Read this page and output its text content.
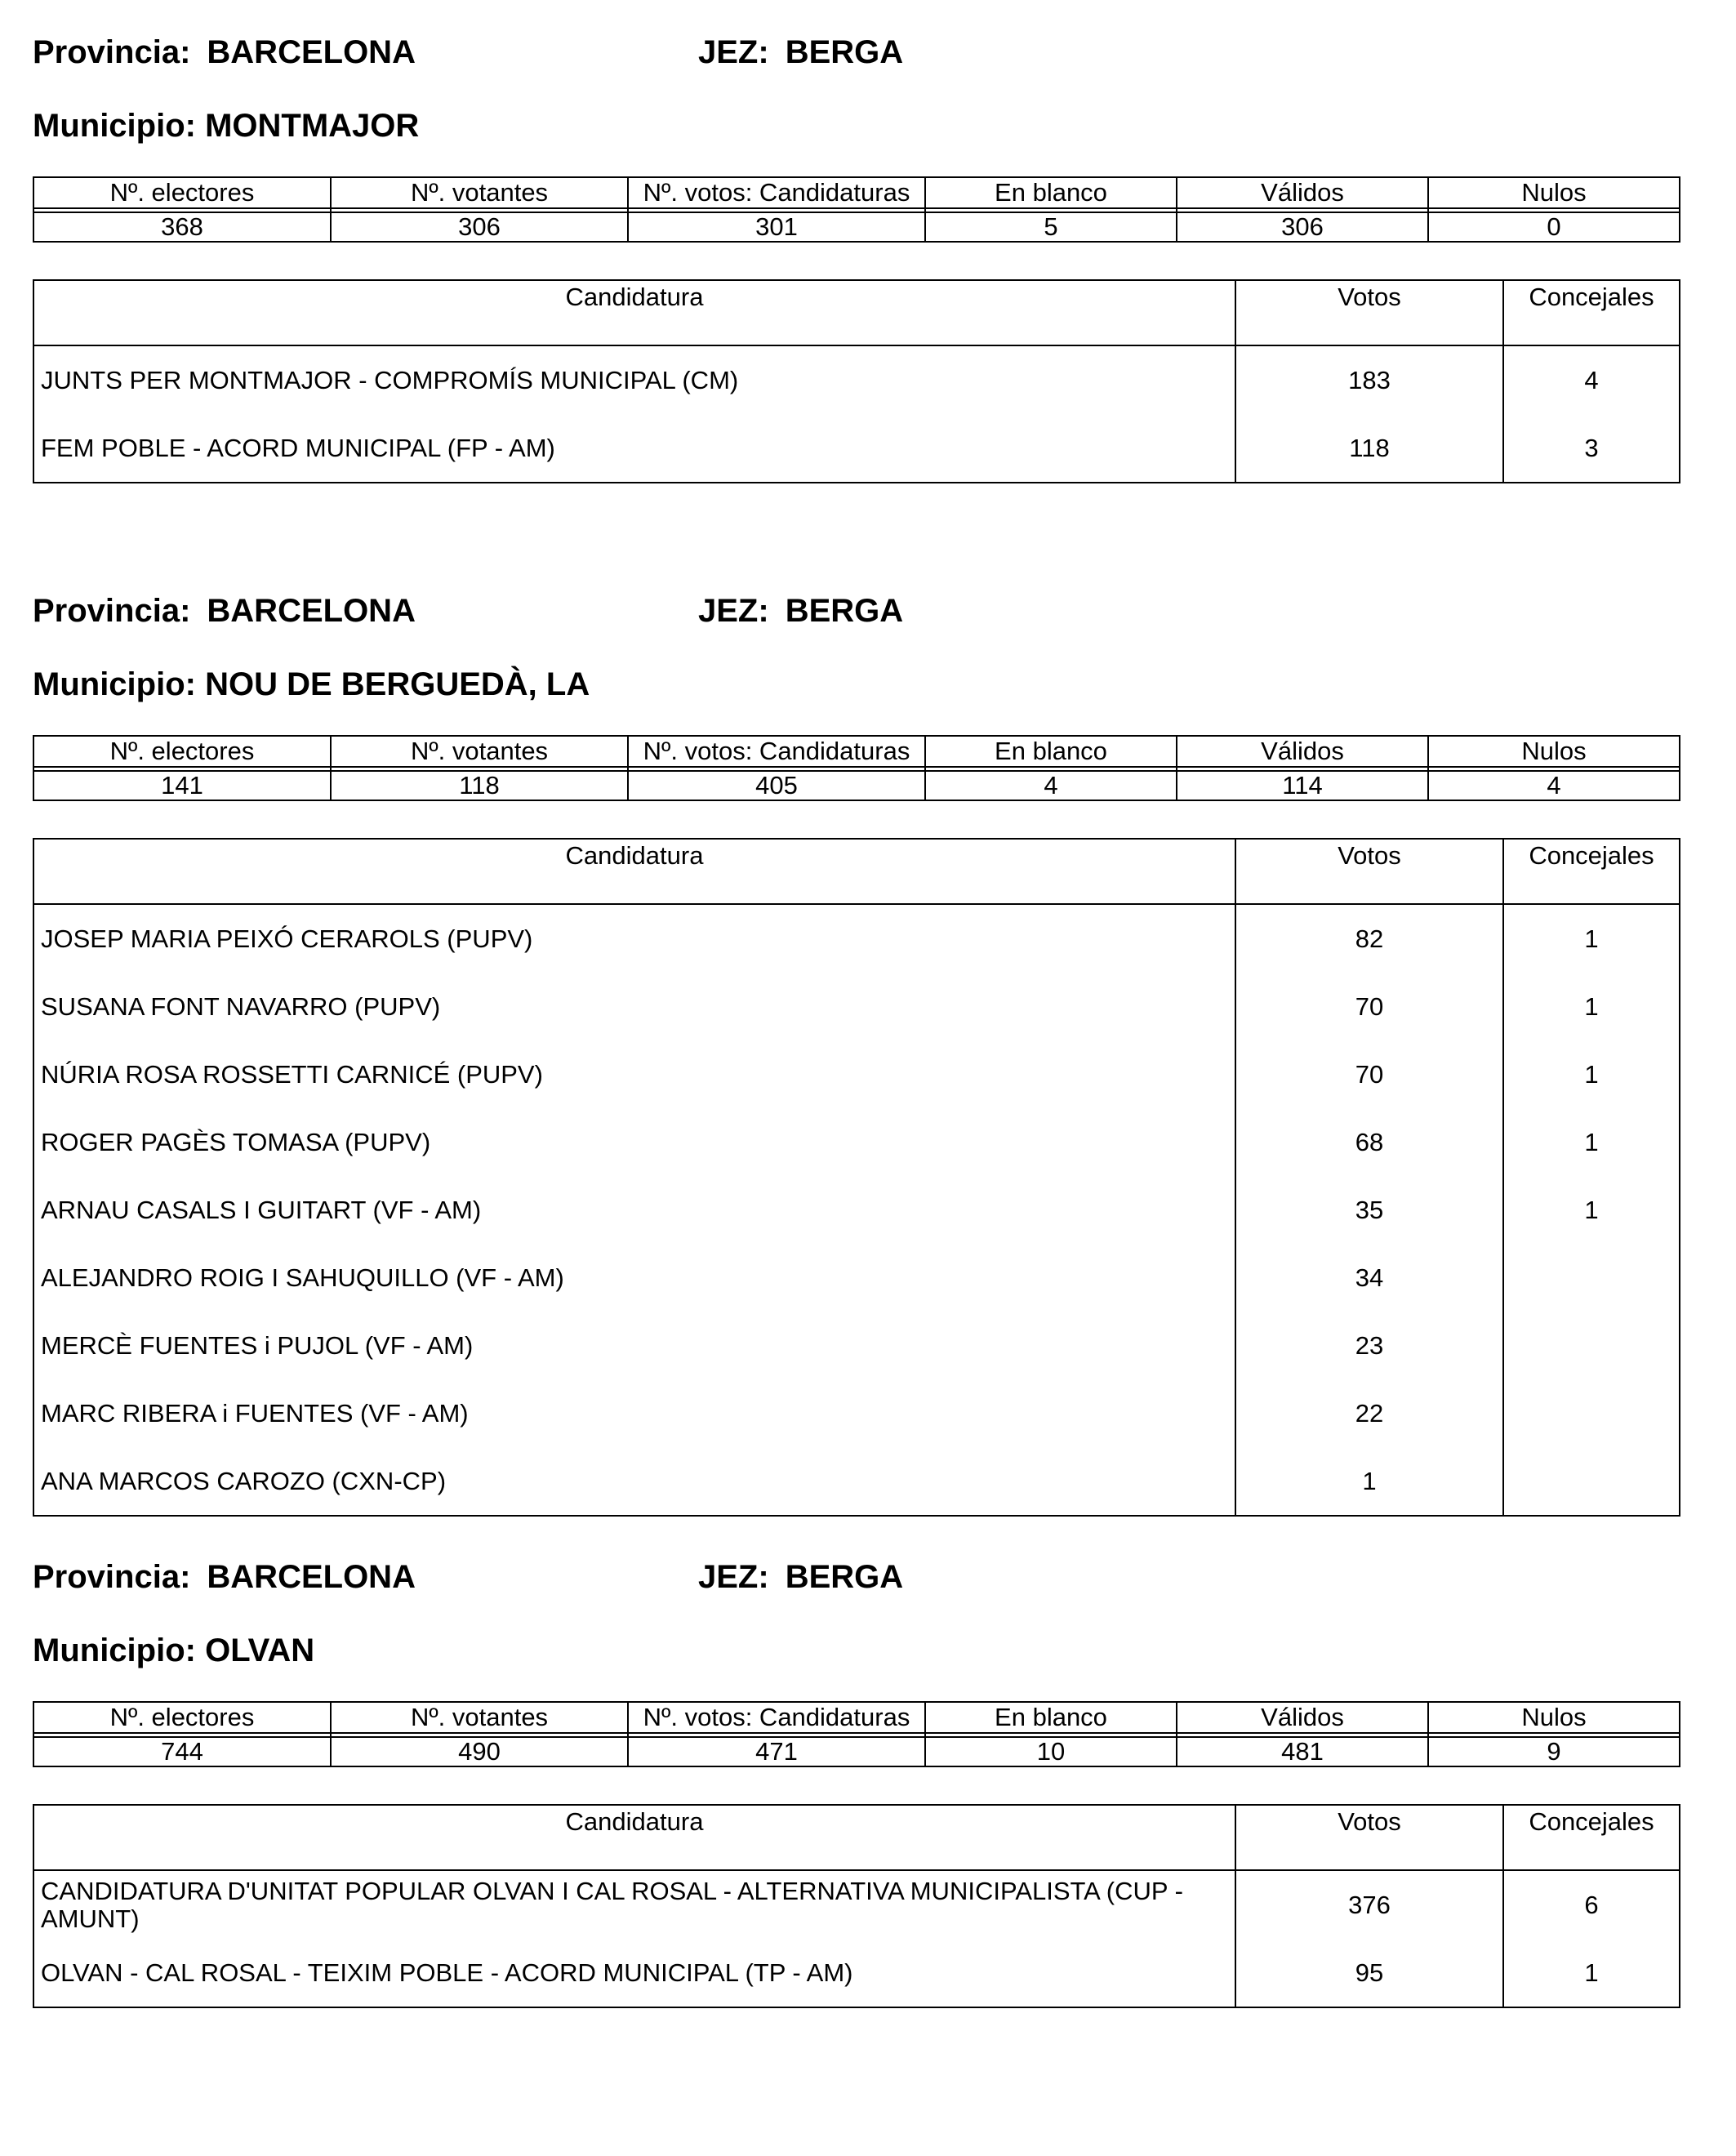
Provincia: BARCELONA	JEZ: BERGA
Municipio: MONTMAJOR
Nº. electores	Nº. votantes	Nº. votos: Candidaturas	En blanco	Válidos	Nulos

368	306	301	5	306	0
Candidatura	Votos	Concejales
JUNTS PER MONTMAJOR - COMPROMÍS MUNICIPAL (CM)	183	4
FEM POBLE - ACORD MUNICIPAL (FP - AM)	118	3
Provincia: BARCELONA	JEZ: BERGA
Municipio: NOU DE BERGUEDÀ, LA
Nº. electores	Nº. votantes	Nº. votos: Candidaturas	En blanco	Válidos	Nulos

141	118	405	4	114	4
Candidatura	Votos	Concejales
JOSEP MARIA PEIXÓ CERAROLS (PUPV)	82	1
SUSANA FONT NAVARRO (PUPV)	70	1
NÚRIA ROSA ROSSETTI CARNICÉ (PUPV)	70	1
ROGER PAGÈS TOMASA (PUPV)	68	1
ARNAU CASALS I GUITART (VF - AM)	35	1
ALEJANDRO ROIG I SAHUQUILLO (VF - AM)	34	
MERCÈ FUENTES i PUJOL (VF - AM)	23	
MARC RIBERA i FUENTES (VF - AM)	22	
ANA MARCOS CAROZO (CXN-CP)	1	
Provincia: BARCELONA	JEZ: BERGA
Municipio: OLVAN
Nº. electores	Nº. votantes	Nº. votos: Candidaturas	En blanco	Válidos	Nulos

744	490	471	10	481	9
Candidatura	Votos	Concejales
CANDIDATURA D'UNITAT POPULAR OLVAN I CAL ROSAL - ALTERNATIVA MUNICIPALISTA (CUP - AMUNT)	376	6
OLVAN - CAL ROSAL - TEIXIM POBLE - ACORD MUNICIPAL (TP - AM)	95	1
